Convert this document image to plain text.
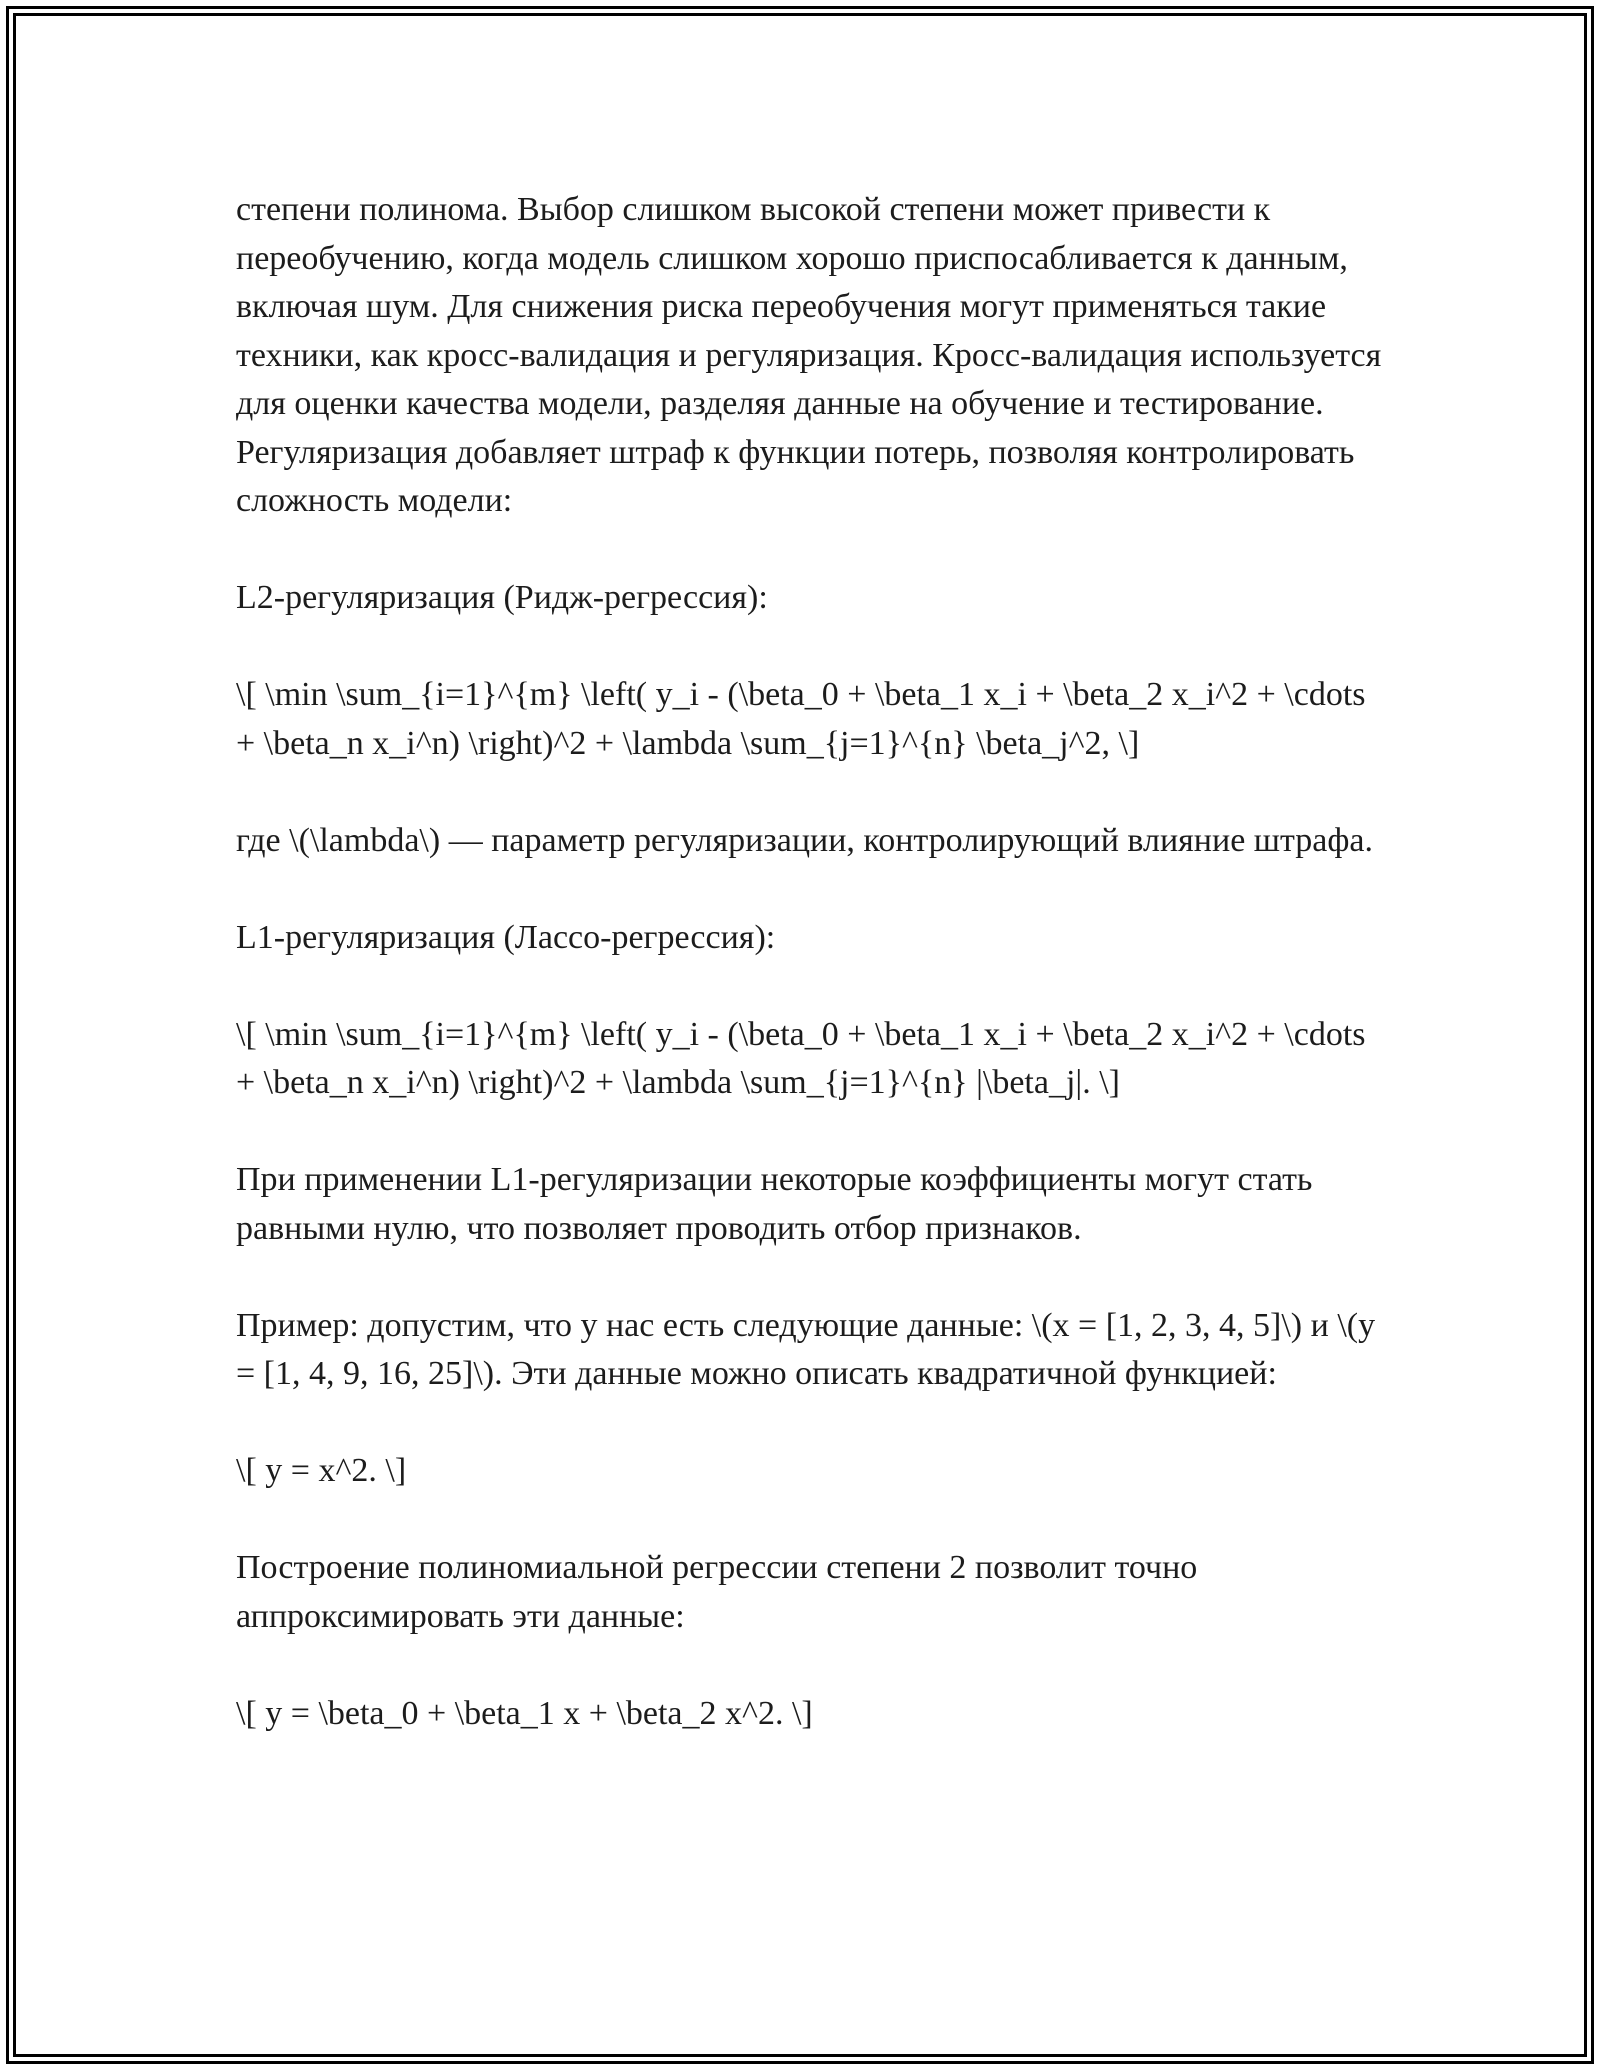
степени полинома. Выбор слишком высокой степени может привести к переобучению, когда модель слишком хорошо приспосабливается к данным, включая шум. Для снижения риска переобучения могут применяться такие техники, как кросс-валидация и регуляризация. Кросс-валидация используется для оценки качества модели, разделяя данные на обучение и тестирование. Регуляризация добавляет штраф к функции потерь, позволяя контролировать сложность модели:

L2-регуляризация (Ридж-регрессия):

\[ \min \sum_{i=1}^{m} \left( y_i - (\beta_0 + \beta_1 x_i + \beta_2 x_i^2 + \cdots + \beta_n x_i^n) \right)^2 + \lambda \sum_{j=1}^{n} \beta_j^2, \]

где \(\lambda\) — параметр регуляризации, контролирующий влияние штрафа.

L1-регуляризация (Лассо-регрессия):

\[ \min \sum_{i=1}^{m} \left( y_i - (\beta_0 + \beta_1 x_i + \beta_2 x_i^2 + \cdots + \beta_n x_i^n) \right)^2 + \lambda \sum_{j=1}^{n} |\beta_j|. \]

При применении L1-регуляризации некоторые коэффициенты могут стать равными нулю, что позволяет проводить отбор признаков.

Пример: допустим, что у нас есть следующие данные: \(x = [1, 2, 3, 4, 5]\) и \(y = [1, 4, 9, 16, 25]\). Эти данные можно описать квадратичной функцией:

\[ y = x^2. \]

Построение полиномиальной регрессии степени 2 позволит точно аппроксимировать эти данные:

\[ y = \beta_0 + \beta_1 x + \beta_2 x^2. \]
